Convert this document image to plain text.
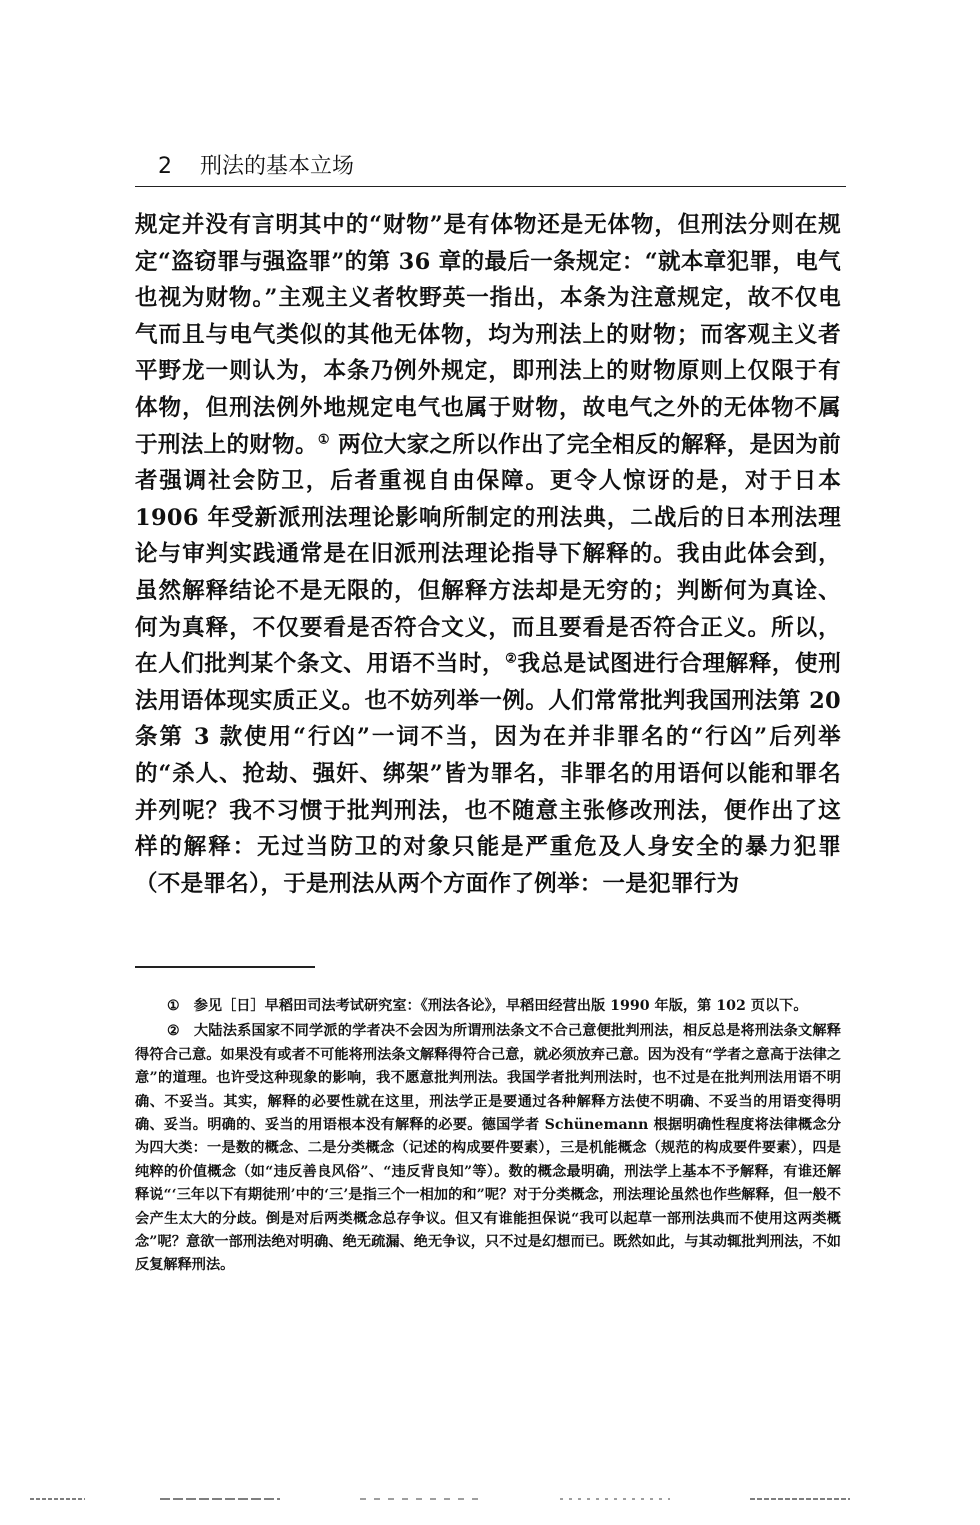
2 刑法的基本立场
规定并没有言明其中的“财物”是有体物还是无体物，但刑法分则在规定“盗窃罪与强盗罪”的第 36 章的最后一条规定：“就本章犯罪，电气也视为财物。”主观主义者牧野英一指出，本条为注意规定，故不仅电气而且与电气类似的其他无体物，均为刑法上的财物；而客观主义者平野龙一则认为，本条乃例外规定，即刑法上的财物原则上仅限于有体物，但刑法例外地规定电气也属于财物，故电气之外的无体物不属于刑法上的财物。① 两位大家之所以作出了完全相反的解释，是因为前者强调社会防卫，后者重视自由保障。更令人惊讶的是，对于日本 1906 年受新派刑法理论影响所制定的刑法典，二战后的日本刑法理论与审判实践通常是在旧派刑法理论指导下解释的。我由此体会到，虽然解释结论不是无限的，但解释方法却是无穷的；判断何为真诠、何为真释，不仅要看是否符合文义，而且要看是否符合正义。所以，在人们批判某个条文、用语不当时，②我总是试图进行合理解释，使刑法用语体现实质正义。也不妨列举一例。人们常常批判我国刑法第 20 条第 3 款使用“行凶”一词不当，因为在并非罪名的“行凶”后列举的“杀人、抢劫、强奸、绑架”皆为罪名，非罪名的用语何以能和罪名并列呢？我不习惯于批判刑法，也不随意主张修改刑法，便作出了这样的解释：无过当防卫的对象只能是严重危及人身安全的暴力犯罪（不是罪名），于是刑法从两个方面作了例举：一是犯罪行为

① 参见［日］早稻田司法考试研究室：《刑法各论》，早稻田经营出版 1990 年版，第 102 页以下。

② 大陆法系国家不同学派的学者决不会因为所谓刑法条文不合己意便批判刑法，相反总是将刑法条文解释得符合己意。如果没有或者不可能将刑法条文解释得符合己意，就必须放弃己意。因为没有“学者之意高于法律之意”的道理。也许受这种现象的影响，我不愿意批判刑法。我国学者批判刑法时，也不过是在批判刑法用语不明确、不妥当。其实，解释的必要性就在这里，刑法学正是要通过各种解释方法使不明确、不妥当的用语变得明确、妥当。明确的、妥当的用语根本没有解释的必要。德国学者 Schünemann 根据明确性程度将法律概念分为四大类：一是数的概念、二是分类概念（记述的构成要件要素），三是机能概念（规范的构成要件要素），四是纯粹的价值概念（如“违反善良风俗”、“违反背良知”等）。数的概念最明确，刑法学上基本不予解释，有谁还解释说“‘三年以下有期徒刑’中的‘三’是指三个一相加的和”呢？对于分类概念，刑法理论虽然也作些解释，但一般不会产生太大的分歧。倒是对后两类概念总存争议。但又有谁能担保说“我可以起草一部刑法典而不使用这两类概念”呢？意欲一部刑法绝对明确、绝无疏漏、绝无争议，只不过是幻想而已。既然如此，与其动辄批判刑法，不如反复解释刑法。
